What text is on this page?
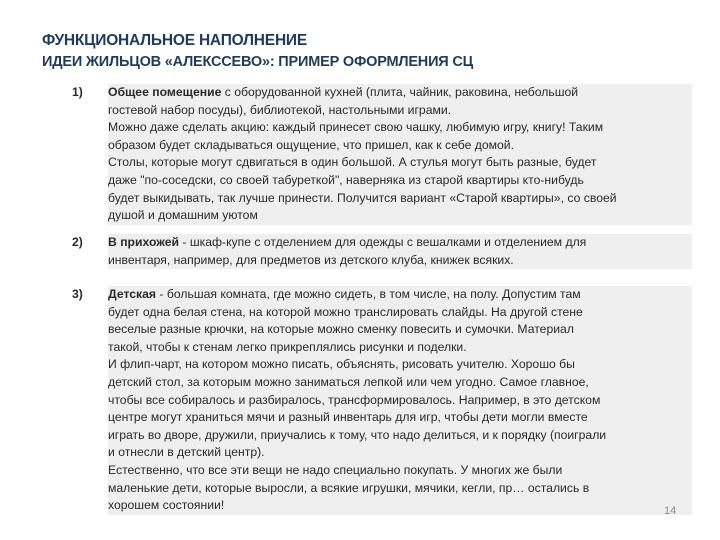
ФУНКЦИОНАЛЬНОЕ НАПОЛНЕНИЕ
ИДЕИ ЖИЛЬЦОВ «АЛЕКССЕВО»: ПРИМЕР ОФОРМЛЕНИЯ СЦ
1) Общее помещение с оборудованной кухней (плита, чайник, раковина, небольшой
гостевой набор посуды), библиотекой, настольными играми.
Можно даже сделать акцию: каждый принесет свою чашку, любимую игру, книгу! Таким
образом будет складываться ощущение, что пришел, как к себе домой.
Столы, которые могут сдвигаться в один большой. А стулья могут быть разные, будет
даже "по-соседски, со своей табуреткой", наверняка из старой квартиры кто-нибудь
будет выкидывать, так лучше принести. Получится вариант «Старой квартиры», со своей
душой и домашним уютом
2) В прихожей - шкаф-купе с отделением для одежды с вешалками и отделением для
инвентаря, например, для предметов из детского клуба, книжек всяких.
3) Детская - большая комната, где можно сидеть, в том числе, на полу. Допустим там
будет одна белая стена, на которой можно транслировать слайды. На другой стене
веселые разные крючки, на которые можно сменку повесить и сумочки. Материал
такой, чтобы к стенам легко прикреплялись рисунки и поделки.
И флип-чарт, на котором можно писать, объяснять, рисовать учителю. Хорошо бы
детский стол, за которым можно заниматься лепкой или чем угодно. Самое главное,
чтобы все собиралось и разбиралось, трансформировалось. Например, в это детском
центре могут храниться мячи и разный инвентарь для игр, чтобы дети могли вместе
играть во дворе, дружили, приучались к тому, что надо делиться, и к порядку (поиграли
и отнесли в детский центр).
Естественно, что все эти вещи не надо специально покупать. У многих же были
маленькие дети, которые выросли, а всякие игрушки, мячики, кегли, пр… остались в
хорошем состоянии!	14
